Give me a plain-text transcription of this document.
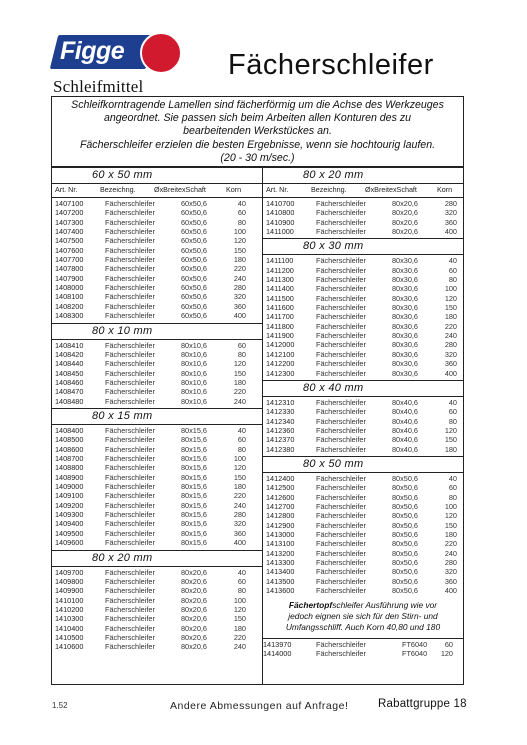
Figge
Schleifmittel
Fächerschleifer
Schleifkorntragende Lamellen sind fächerförmig um die Achse des Werkzeuges
angeordnet. Sie passen sich beim Arbeiten allen Konturen des zu
bearbeitenden Werkstückes an.
Fächerschleifer erzielen die besten Ergebnisse, wenn sie hochtourig laufen.
(20 - 30 m/sec.)
60 x 50 mm
Art. Nr.	Bezeichng.	ØxBreitexSchaft	Korn
1407100	Fächerschleifer	60x50,6	40
1407200	Fächerschleifer	60x50,6	60
1407300	Fächerschleifer	60x50,6	80
1407400	Fächerschleifer	60x50,6	100
1407500	Fächerschleifer	60x50,6	120
1407600	Fächerschleifer	60x50,6	150
1407700	Fächerschleifer	60x50,6	180
1407800	Fächerschleifer	60x50,6	220
1407900	Fächerschleifer	60x50,6	240
1408000	Fächerschleifer	60x50,6	280
1408100	Fächerschleifer	60x50,6	320
1408200	Fächerschleifer	60x50,6	360
1408300	Fächerschleifer	60x50,6	400
80 x 10 mm
1408410	Fächerschleifer	80x10,6	60
1408420	Fächerschleifer	80x10,6	80
1408440	Fächerschleifer	80x10,6	120
1408450	Fächerschleifer	80x10,6	150
1408460	Fächerschleifer	80x10,6	180
1408470	Fächerschleifer	80x10,6	220
1408480	Fächerschleifer	80x10,6	240
80 x 15 mm
1408400	Fächerschleifer	80x15,6	40
1408500	Fächerschleifer	80x15,6	60
1408600	Fächerschleifer	80x15,6	80
1408700	Fächerschleifer	80x15,6	100
1408800	Fächerschleifer	80x15,6	120
1408900	Fächerschleifer	80x15,6	150
1409000	Fächerschleifer	80x15,6	180
1409100	Fächerschleifer	80x15,6	220
1409200	Fächerschleifer	80x15,6	240
1409300	Fächerschleifer	80x15,6	280
1409400	Fächerschleifer	80x15,6	320
1409500	Fächerschleifer	80x15,6	360
1409600	Fächerschleifer	80x15,6	400
80 x 20 mm
1409700	Fächerschleifer	80x20,6	40
1409800	Fächerschleifer	80x20,6	60
1409900	Fächerschleifer	80x20,6	80
1410100	Fächerschleifer	80x20,6	100
1410200	Fächerschleifer	80x20,6	120
1410300	Fächerschleifer	80x20,6	150
1410400	Fächerschleifer	80x20,6	180
1410500	Fächerschleifer	80x20,6	220
1410600	Fächerschleifer	80x20,6	240
80 x 20 mm
Art. Nr.	Bezeichng.	ØxBreitexSchaft	Korn
1410700	Fächerschleifer	80x20,6	280
1410800	Fächerschleifer	80x20,6	320
1410900	Fächerschleifer	80x20,6	360
1411000	Fächerschleifer	80x20,6	400
80 x 30 mm
1411100	Fächerschleifer	80x30,6	40
1411200	Fächerschleifer	80x30,6	60
1411300	Fächerschleifer	80x30,6	80
1411400	Fächerschleifer	80x30,6	100
1411500	Fächerschleifer	80x30,6	120
1411600	Fächerschleifer	80x30,6	150
1411700	Fächerschleifer	80x30,6	180
1411800	Fächerschleifer	80x30,6	220
1411900	Fächerschleifer	80x30,6	240
1412000	Fächerschleifer	80x30,6	280
1412100	Fächerschleifer	80x30,6	320
1412200	Fächerschleifer	80x30,6	360
1412300	Fächerschleifer	80x30,6	400
80 x 40 mm
1412310	Fächerschleifer	80x40,6	40
1412330	Fächerschleifer	80x40,6	60
1412340	Fächerschleifer	80x40,6	80
1412360	Fächerschleifer	80x40,6	120
1412370	Fächerschleifer	80x40,6	150
1412380	Fächerschleifer	80x40,6	180
80 x 50 mm
1412400	Fächerschleifer	80x50,6	40
1412500	Fächerschleifer	80x50,6	60
1412600	Fächerschleifer	80x50,6	80
1412700	Fächerschleifer	80x50,6	100
1412800	Fächerschleifer	80x50,6	120
1412900	Fächerschleifer	80x50,6	150
1413000	Fächerschleifer	80x50,6	180
1413100	Fächerschleifer	80x50,6	220
1413200	Fächerschleifer	80x50,6	240
1413300	Fächerschleifer	80x50,6	280
1413400	Fächerschleifer	80x50,6	320
1413500	Fächerschleifer	80x50,6	360
1413600	Fächerschleifer	80x50,6	400
1413970	Fächerschleifer	FT6040	60
1414000	Fächerschleifer	FT6040 120
Fächertopfschleifer Ausführung wie vor
jedoch eignen sie sich für den Stirn- und
Umfangsschliff. Auch Korn 40,80 und 180
1.52	Andere Abmessungen auf Anfrage!	Rabattgruppe 18
